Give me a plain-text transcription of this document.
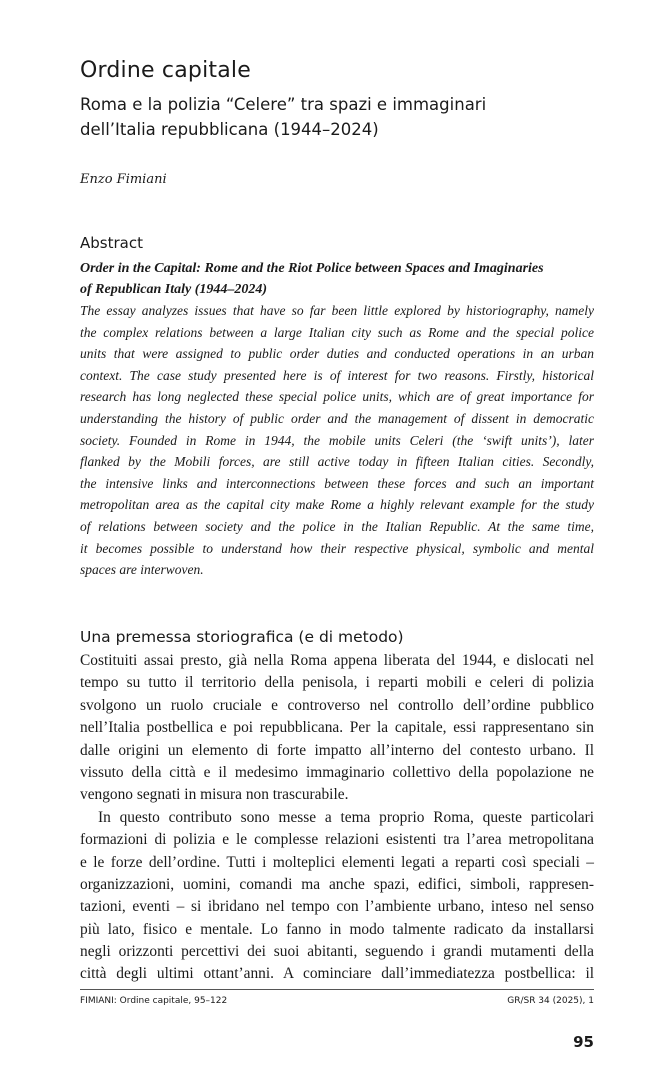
Ordine capitale
Roma e la polizia “Celere” tra spazi e immaginari
dell’Italia repubblicana (1944–2024)
Enzo Fimiani
Abstract
Order in the Capital: Rome and the Riot Police between Spaces and Imaginaries
of Republican Italy (1944–2024)
The essay analyzes issues that have so far been little explored by historiography, namely
the complex relations between a large Italian city such as Rome and the special police
units that were assigned to public order duties and conducted operations in an urban
context. The case study presented here is of interest for two reasons. Firstly, historical
research has long neglected these special police units, which are of great importance for
understanding the history of public order and the management of dissent in democratic
society. Founded in Rome in 1944, the mobile units Celeri (the ‘swift units’), later
flanked by the Mobili forces, are still active today in fifteen Italian cities. Secondly,
the intensive links and interconnections between these forces and such an important
metropolitan area as the capital city make Rome a highly relevant example for the study
of relations between society and the police in the Italian Republic. At the same time,
it becomes possible to understand how their respective physical, symbolic and mental
spaces are interwoven.
Una premessa storiografica (e di metodo)
Costituiti assai presto, già nella Roma appena liberata del 1944, e dislocati nel
tempo su tutto il territorio della penisola, i reparti mobili e celeri di polizia
svolgono un ruolo cruciale e controverso nel controllo dell’ordine pubblico
nell’Italia postbellica e poi repubblicana. Per la capitale, essi rappresentano sin
dalle origini un elemento di forte impatto all’interno del contesto urbano. Il
vissuto della città e il medesimo immaginario collettivo della popolazione ne
vengono segnati in misura non trascurabile.
In questo contributo sono messe a tema proprio Roma, queste particolari
formazioni di polizia e le complesse relazioni esistenti tra l’area metropolitana
e le forze dell’ordine. Tutti i molteplici elementi legati a reparti così speciali –
organizzazioni, uomini, comandi ma anche spazi, edifici, simboli, rappresen-
tazioni, eventi – si ibridano nel tempo con l’ambiente urbano, inteso nel senso
più lato, fisico e mentale. Lo fanno in modo talmente radicato da installarsi
negli orizzonti percettivi dei suoi abitanti, seguendo i grandi mutamenti della
città degli ultimi ottant’anni. A cominciare dall’immediatezza postbellica: il
FIMIANI: Ordine capitale, 95–122	GR/SR 34 (2025), 1
95
